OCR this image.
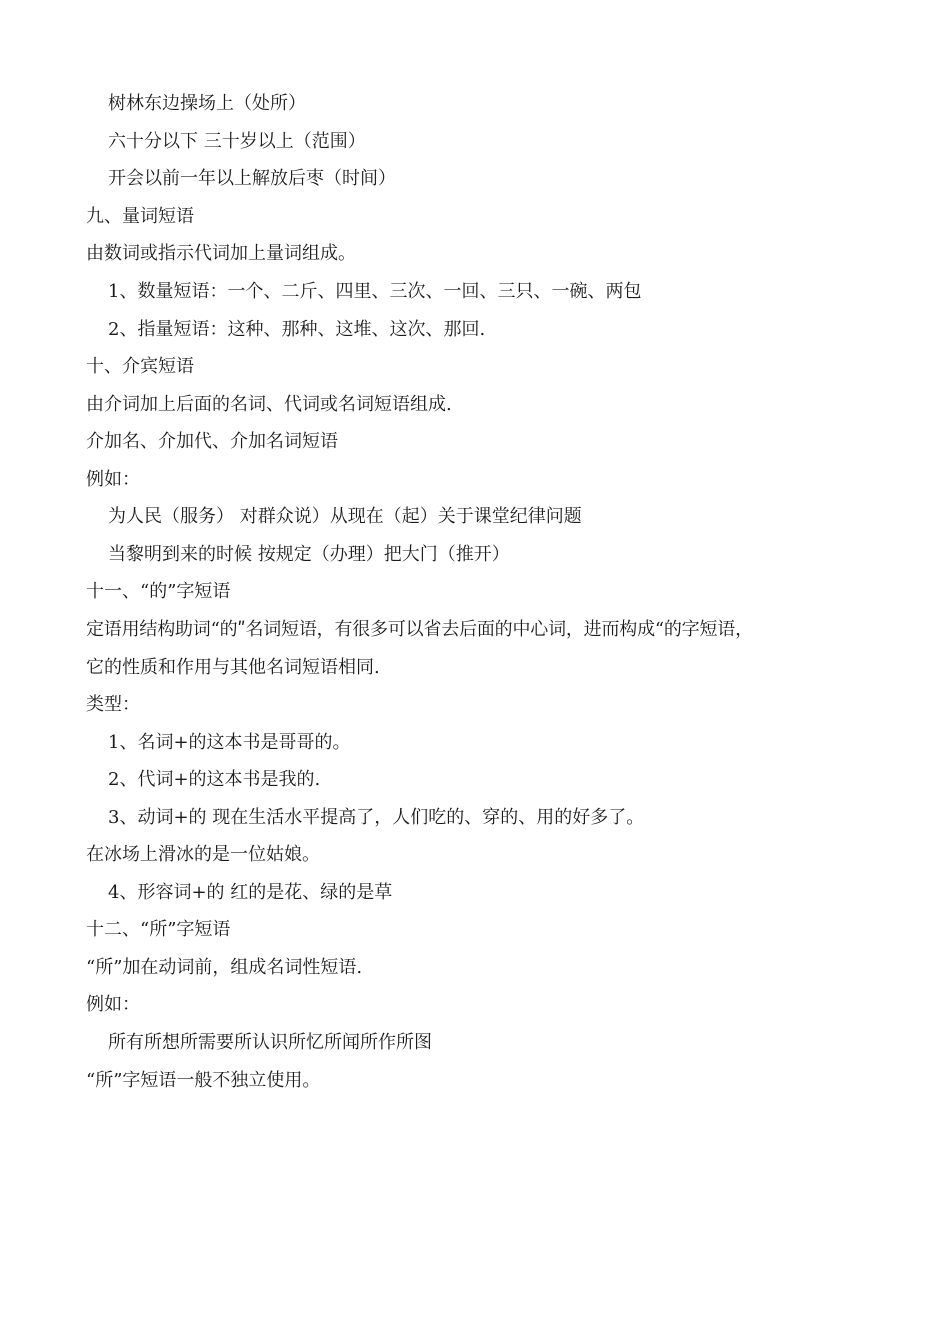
树林东边操场上（处所）
六十分以下 三十岁以上（范围）
开会以前一年以上解放后枣（时间）
九、量词短语
由数词或指示代词加上量词组成。
1、数量短语：一个、二斤、四里、三次、一回、三只、一碗、两包
2、指量短语：这种、那种、这堆、这次、那回.
十、介宾短语
由介词加上后面的名词、代词或名词短语组成.
介加名、介加代、介加名词短语
例如：
为人民（服务） 对群众说）从现在（起）关于课堂纪律问题
当黎明到来的时候 按规定（办理）把大门（推开）
十一、“的”字短语
定语用结构助词“的ʺ名词短语，有很多可以省去后面的中心词，进而构成“的字短语，
它的性质和作用与其他名词短语相同.
类型：
1、名词+的这本书是哥哥的。
2、代词+的这本书是我的.
3、动词+的 现在生活水平提高了，人们吃的、穿的、用的好多了。
在冰场上滑冰的是一位姑娘。
4、形容词+的 红的是花、绿的是草
十二、“所”字短语
“所”加在动词前，组成名词性短语.
例如：
所有所想所需要所认识所忆所闻所作所图
“所”字短语一般不独立使用。
